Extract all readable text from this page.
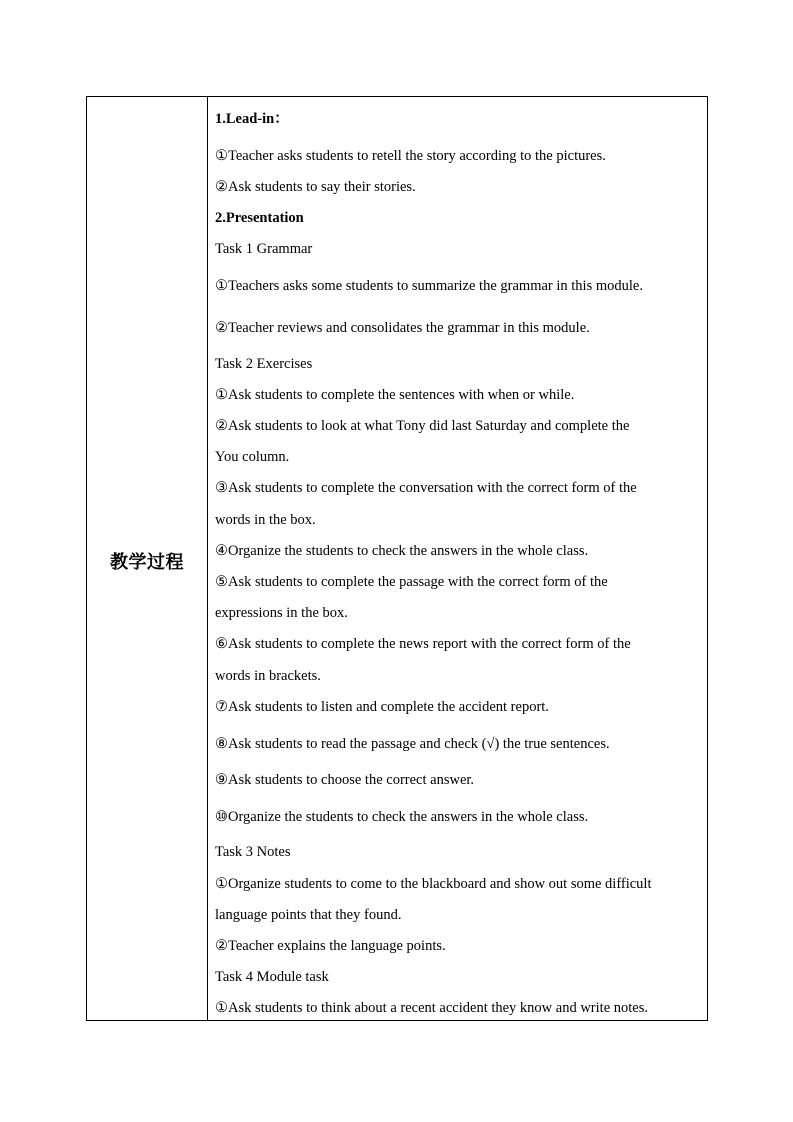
教学过程
1.Lead-in：
①Teacher asks students to retell the story according to the pictures.
②Ask students to say their stories.
2.Presentation
Task 1 Grammar
①Teachers asks some students to summarize the grammar in this module.
②Teacher reviews and consolidates the grammar in this module.
Task 2 Exercises
①Ask students to complete the sentences with when or while.
②Ask students to look at what Tony did last Saturday and complete the
You column.
③Ask students to complete the conversation with the correct form of the
words in the box.
④Organize the students to check the answers in the whole class.
⑤Ask students to complete the passage with the correct form of the
expressions in the box.
⑥Ask students to complete the news report with the correct form of the
words in brackets.
⑦Ask students to listen and complete the accident report.
⑧Ask students to read the passage and check (√) the true sentences.
⑨Ask students to choose the correct answer.
⑩Organize the students to check the answers in the whole class.
Task 3 Notes
①Organize students to come to the blackboard and show out some difficult
language points that they found.
②Teacher explains the language points.
Task 4 Module task
①Ask students to think about a recent accident they know and write notes.
